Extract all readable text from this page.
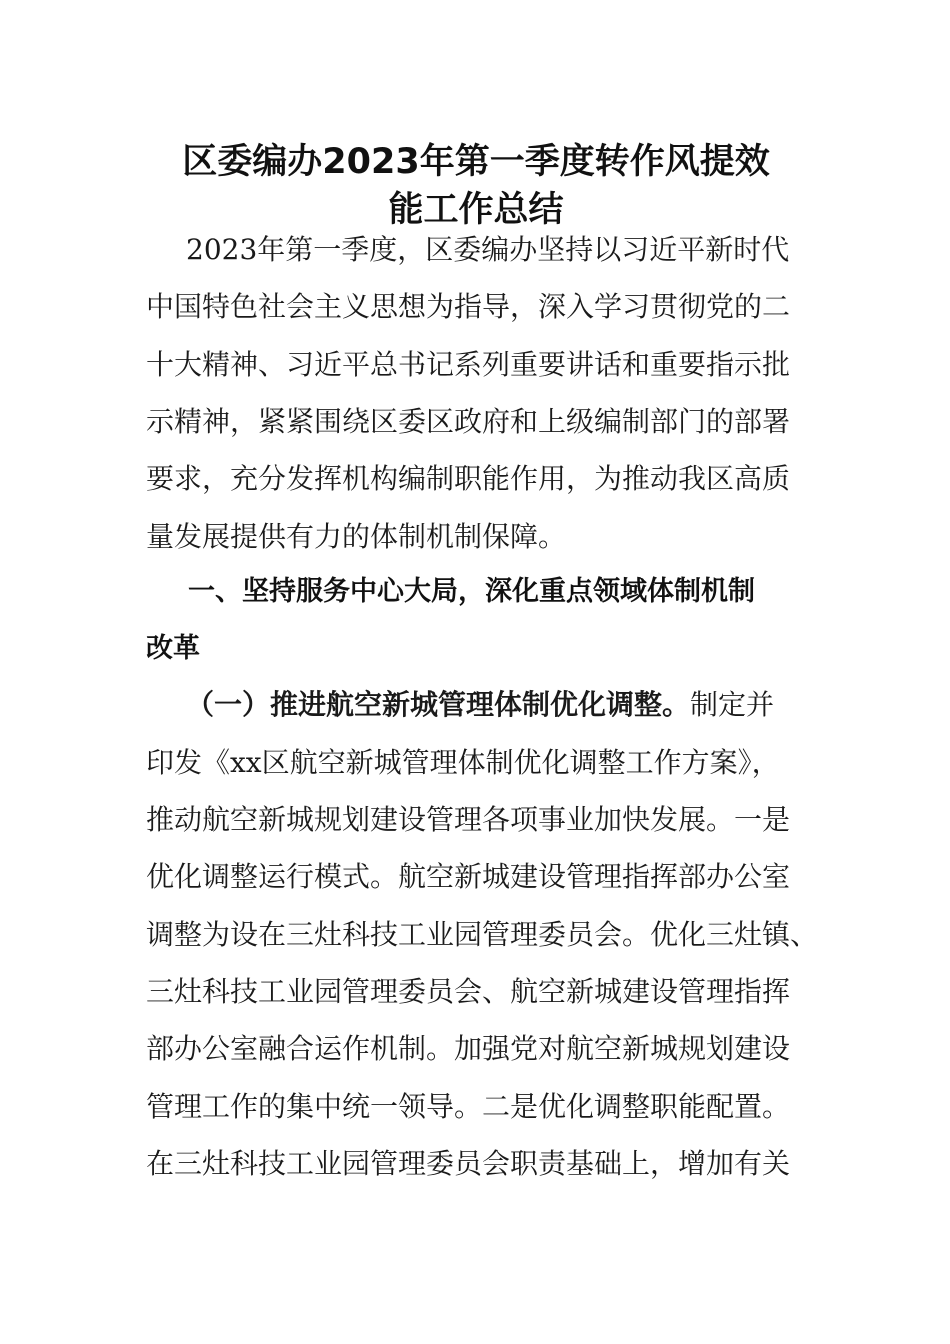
区委编办2023年第一季度转作风提效
能工作总结
2023年第一季度，区委编办坚持以习近平新时代
中国特色社会主义思想为指导，深入学习贯彻党的二
十大精神、习近平总书记系列重要讲话和重要指示批
示精神，紧紧围绕区委区政府和上级编制部门的部署
要求，充分发挥机构编制职能作用，为推动我区高质
量发展提供有力的体制机制保障。
一、坚持服务中心大局，深化重点领域体制机制
改革
（一）推进航空新城管理体制优化调整。制定并
印发《xx区航空新城管理体制优化调整工作方案》，
推动航空新城规划建设管理各项事业加快发展。一是
优化调整运行模式。航空新城建设管理指挥部办公室
调整为设在三灶科技工业园管理委员会。优化三灶镇、
三灶科技工业园管理委员会、航空新城建设管理指挥
部办公室融合运作机制。加强党对航空新城规划建设
管理工作的集中统一领导。二是优化调整职能配置。
在三灶科技工业园管理委员会职责基础上，增加有关
